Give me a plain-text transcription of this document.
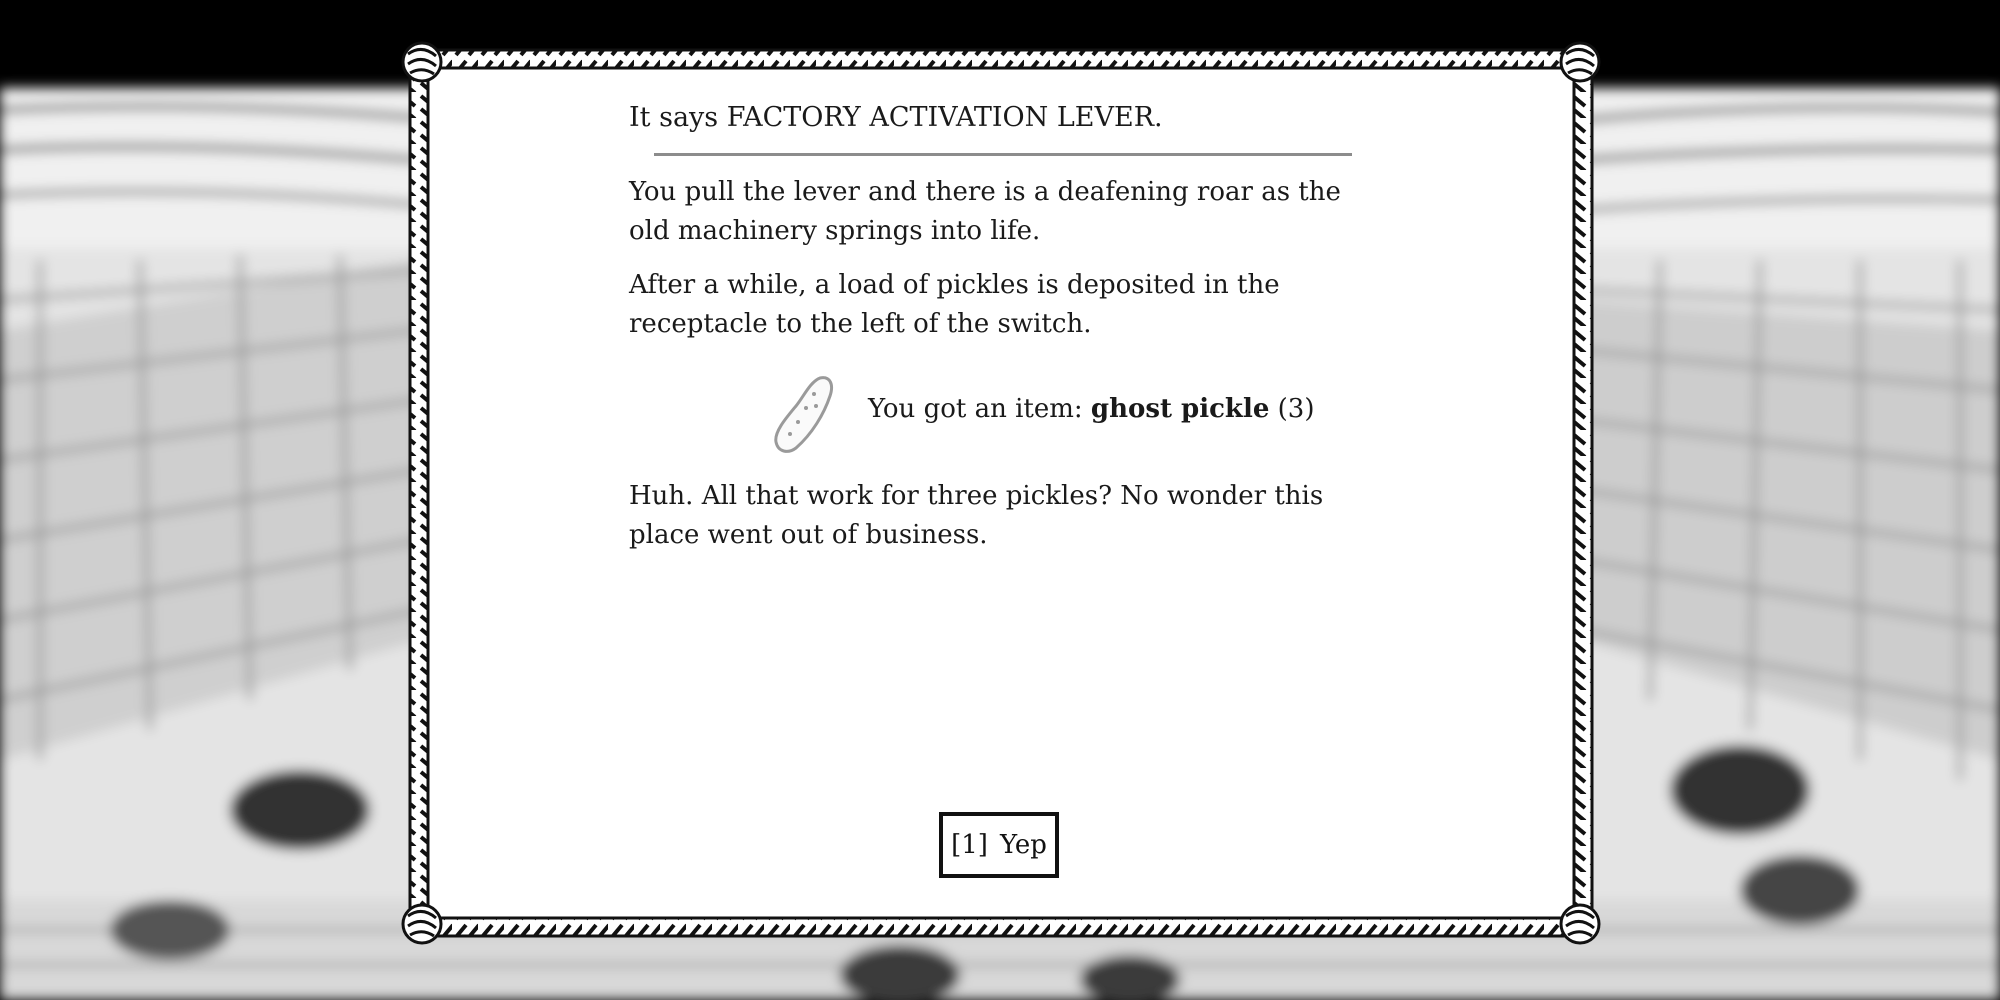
It says FACTORY ACTIVATION LEVER.

You pull the lever and there is a deafening roar as the old machinery springs into life.

After a while, a load of pickles is deposited in the receptacle to the left of the switch.

You got an item: ghost pickle (3)

Huh. All that work for three pickles? No wonder this place went out of business.

[1] Yep
